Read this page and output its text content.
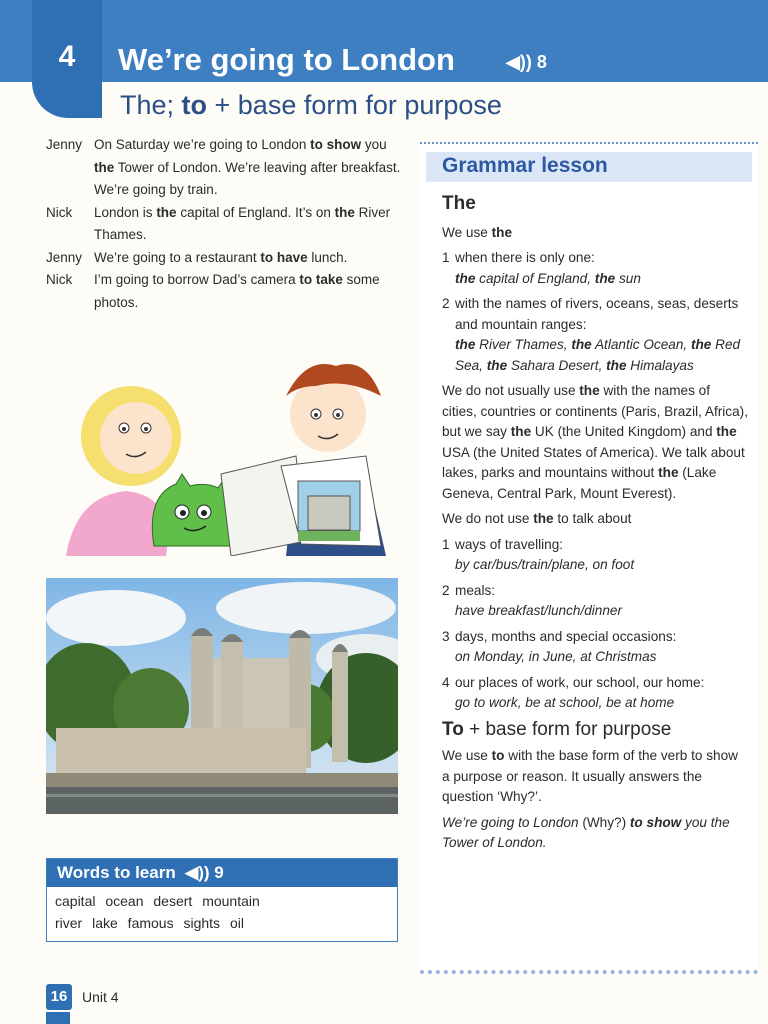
4	We’re going to London	◀)) 8
The; to + base form for purpose
Jenny On Saturday we’re going to London to show you the Tower of London. We’re leaving after breakfast. We’re going by train.
Nick	London is the capital of England. It’s on the River Thames.
Jenny We’re going to a restaurant to have lunch.
Nick	I’m going to borrow Dad’s camera to take some photos.
Words to learn  ◀)) 9
capital ocean desert mountain
river lake famous sights oil
16	Unit 4
Grammar lesson

The

We use the

1 when there is only one:
the capital of England, the sun
2 with the names of rivers, oceans, seas, deserts and mountain ranges:
the River Thames, the Atlantic Ocean, the Red Sea, the Sahara Desert, the Himalayas

We do not usually use the with the names of cities, countries or continents (Paris, Brazil, Africa), but we say the UK (the United Kingdom) and the USA (the United States of America). We talk about lakes, parks and mountains without the (Lake Geneva, Central Park, Mount Everest).

We do not use the to talk about

1 ways of travelling:
by car/bus/train/plane, on foot
2 meals:
have breakfast/lunch/dinner
3 days, months and special occasions:
on Monday, in June, at Christmas
4 our places of work, our school, our home:
go to work, be at school, be at home

To + base form for purpose

We use to with the base form of the verb to show a purpose or reason. It usually answers the question ‘Why?’.

We’re going to London (Why?) to show you the Tower of London.
